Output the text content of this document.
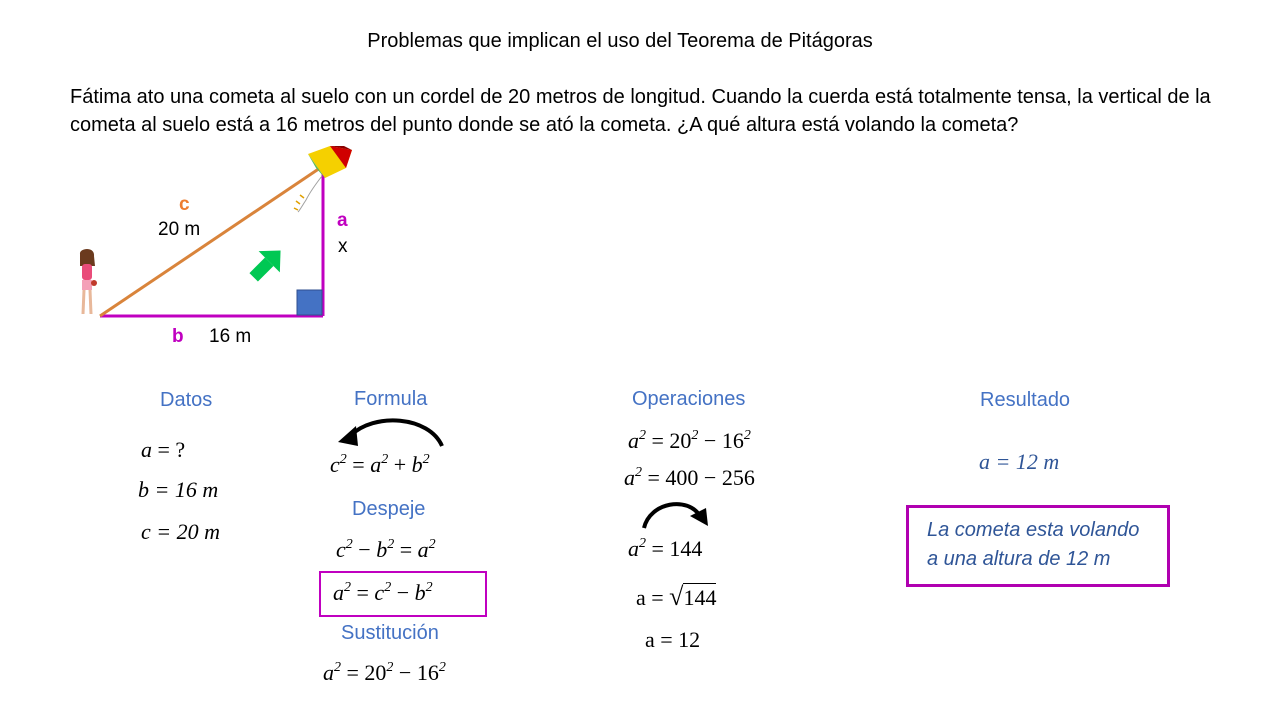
Problemas que implican el uso del Teorema de Pitágoras
Fátima ato una cometa al suelo con un cordel de 20 metros de longitud. Cuando la cuerda está totalmente tensa, la vertical de la cometa al suelo está a 16 metros del punto donde se ató la cometa. ¿A qué altura está volando la cometa?
c
20 m	a
x
b 16 m
Datos
a = ?
b = 16 m
c = 20 m
Formula
$c^2 = a^2 + b^2$
Despeje
$c^2 - b^2 = a^2$
$a^2 = c^2 - b^2$
Sustitución
$a^2 = 20^2 - 16^2$
Operaciones
$a^2 = 20^2 - 16^2$
$a^2 = 400 - 256$
$a^2 = 144$
a = √144
a = 12
Resultado
a = 12 m
La cometa esta volando
a una altura de 12 m
